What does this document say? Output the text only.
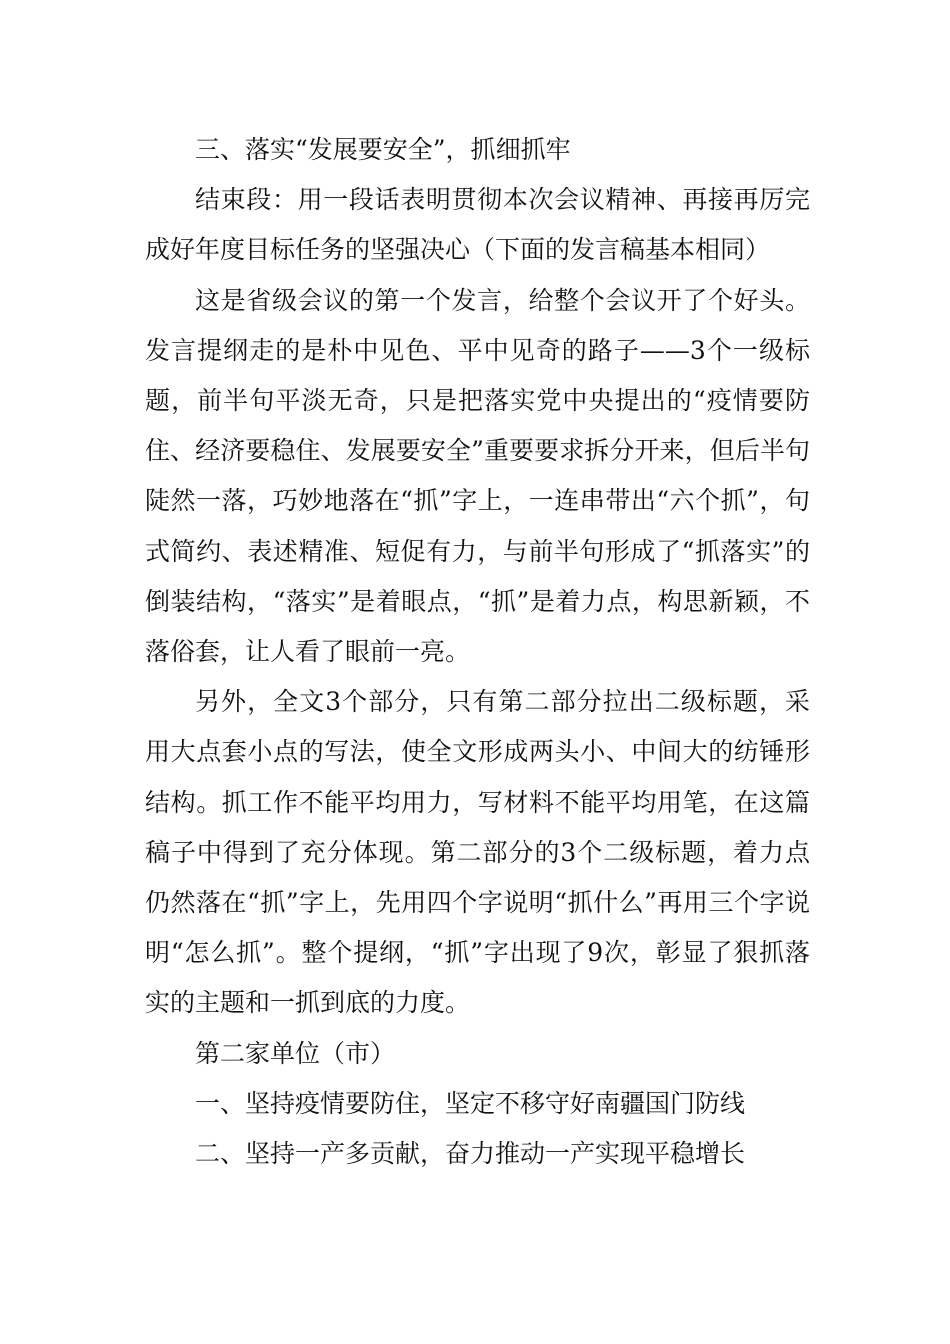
三、落实“发展要安全”，抓细抓牢

结束段：用一段话表明贯彻本次会议精神、再接再厉完成好年度目标任务的坚强决心（下面的发言稿基本相同）

这是省级会议的第一个发言，给整个会议开了个好头。发言提纲走的是朴中见色、平中见奇的路子——3个一级标题，前半句平淡无奇，只是把落实党中央提出的“疫情要防住、经济要稳住、发展要安全”重要要求拆分开来，但后半句陡然一落，巧妙地落在“抓”字上，一连串带出“六个抓”，句式简约、表述精准、短促有力，与前半句形成了“抓落实”的倒装结构，“落实”是着眼点，“抓”是着力点，构思新颖，不落俗套，让人看了眼前一亮。

另外，全文3个部分，只有第二部分拉出二级标题，采用大点套小点的写法，使全文形成两头小、中间大的纺锤形结构。抓工作不能平均用力，写材料不能平均用笔，在这篇稿子中得到了充分体现。第二部分的3个二级标题，着力点仍然落在“抓”字上，先用四个字说明“抓什么”再用三个字说明“怎么抓”。整个提纲，“抓”字出现了9次，彰显了狠抓落实的主题和一抓到底的力度。

第二家单位（市）

一、坚持疫情要防住，坚定不移守好南疆国门防线

二、坚持一产多贡献，奋力推动一产实现平稳增长
